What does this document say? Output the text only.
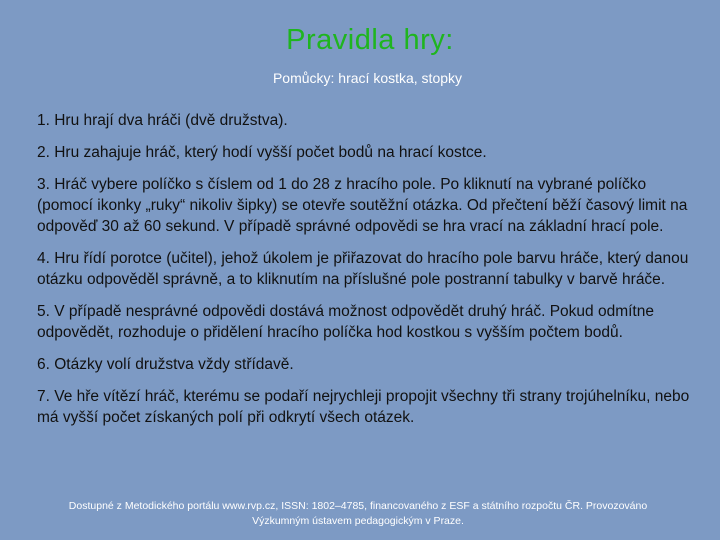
Pravidla hry:
Pomůcky: hrací kostka, stopky
1. Hru hrají dva hráči (dvě družstva).
2. Hru zahajuje hráč, který hodí vyšší počet bodů na hrací kostce.
3. Hráč vybere políčko s číslem od 1 do 28 z hracího pole. Po kliknutí na vybrané políčko (pomocí ikonky „ruky“ nikoliv šipky) se otevře soutěžní otázka. Od přečtení běží časový limit na odpověď 30 až 60 sekund. V případě správné odpovědi se hra vrací na základní hrací pole.
4. Hru řídí porotce (učitel), jehož úkolem je přiřazovat do hracího pole barvu hráče, který danou otázku odpověděl správně, a to kliknutím na příslušné pole postranní tabulky v barvě hráče.
5. V případě nesprávné odpovědi dostává možnost odpovědět druhý hráč. Pokud odmítne odpovědět, rozhoduje o přidělení hracího políčka hod kostkou s vyšším počtem bodů.
6. Otázky volí družstva vždy střídavě.
7. Ve hře vítězí hráč, kterému se podaří nejrychleji propojit všechny tři strany trojúhelníku, nebo má vyšší počet získaných polí při odkrytí všech otázek.
Dostupné z Metodického portálu www.rvp.cz, ISSN: 1802–4785, financovaného z ESF a státního rozpočtu ČR. Provozováno
Výzkumným ústavem pedagogickým v Praze.
